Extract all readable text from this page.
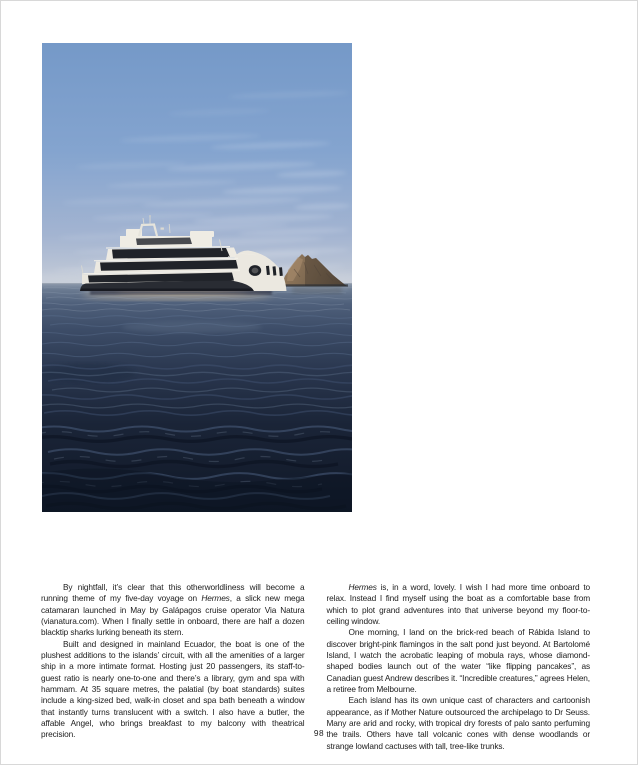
By nightfall, it’s clear that this otherworldliness will become a running theme of my five-day voyage on Hermes, a slick new mega catamaran launched in May by Galápagos cruise operator Via Natura (vianatura.com). When I finally settle in onboard, there are half a dozen blacktip sharks lurking beneath its stern.

Built and designed in mainland Ecuador, the boat is one of the plushest additions to the islands’ circuit, with all the amenities of a larger ship in a more intimate format. Hosting just 20 passengers, its staff-to-guest ratio is nearly one-to-one and there’s a library, gym and spa with hammam. At 35 square metres, the palatial (by boat standards) suites include a king-sized bed, walk-in closet and spa bath beneath a window that instantly turns translucent with a switch. I also have a butler, the affable Angel, who brings breakfast to my balcony with theatrical precision.

Hermes is, in a word, lovely. I wish I had more time onboard to relax. Instead I find myself using the boat as a comfortable base from which to plot grand adventures into that universe beyond my floor-to-ceiling window.

One morning, I land on the brick-red beach of Rábida Island to discover bright-pink flamingos in the salt pond just beyond. At Bartolomé Island, I watch the acrobatic leaping of mobula rays, whose diamond-shaped bodies launch out of the water “like flipping pancakes”, as Canadian guest Andrew describes it. “Incredible creatures,” agrees Helen, a retiree from Melbourne.

Each island has its own unique cast of characters and cartoonish appearance, as if Mother Nature outsourced the archipelago to Dr Seuss. Many are arid and rocky, with tropical dry forests of palo santo perfuming the trails. Others have tall volcanic cones with dense woodlands or strange lowland cactuses with tall, tree-like trunks.

98
